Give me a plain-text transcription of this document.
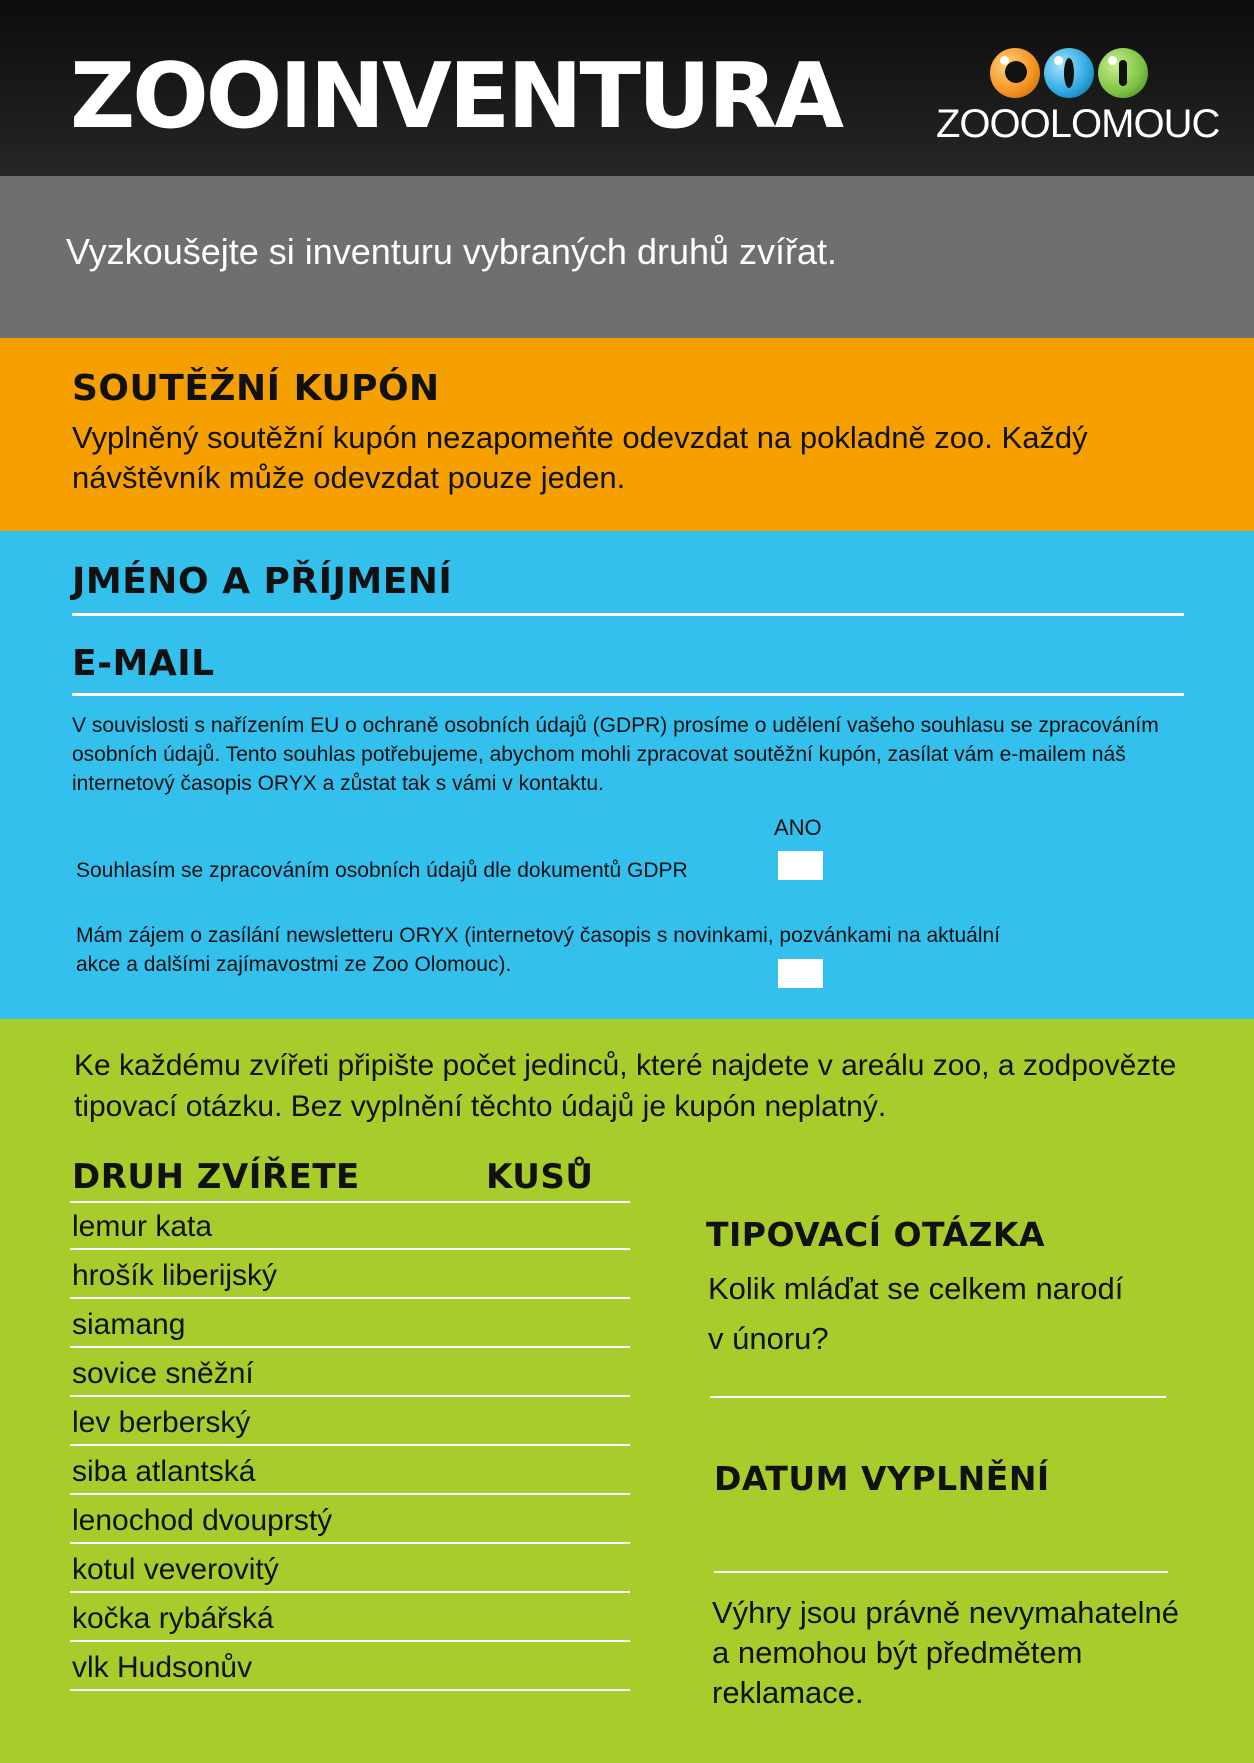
ZOOINVENTURA ZOOOLOMOUC
Vyzkoušejte si inventuru vybraných druhů zvířat.
SOUTĚŽNÍ KUPÓN
Vyplněný soutěžní kupón nezapomeňte odevzdat na pokladně zoo. Každý návštěvník může odevzdat pouze jeden.
JMÉNO A PŘÍJMENÍ
E-MAIL
V souvislosti s nařízením EU o ochraně osobních údajů (GDPR) prosíme o udělení vašeho souhlasu se zpracováním osobních údajů. Tento souhlas potřebujeme, abychom mohli zpracovat soutěžní kupón, zasílat vám e-mailem náš internetový časopis ORYX a zůstat tak s vámi v kontaktu.
ANO
Souhlasím se zpracováním osobních údajů dle dokumentů GDPR
Mám zájem o zasílání newsletteru ORYX (internetový časopis s novinkami, pozvánkami na aktuální akce a dalšími zajímavostmi ze Zoo Olomouc).
Ke každému zvířeti připište počet jedinců, které najdete v areálu zoo, a zodpovězte tipovací otázku. Bez vyplnění těchto údajů je kupón neplatný.
DRUH ZVÍŘETE	KUSŮ
lemur kata
hrošík liberijský
siamang
sovice sněžní
lev berberský
siba atlantská
lenochod dvouprstý
kotul veverovitý
kočka rybářská
vlk Hudsonův
TIPOVACÍ OTÁZKA
Kolik mláďat se celkem narodí v únoru?
DATUM VYPLNĚNÍ
Výhry jsou právně nevymahatelné a nemohou být předmětem reklamace.
